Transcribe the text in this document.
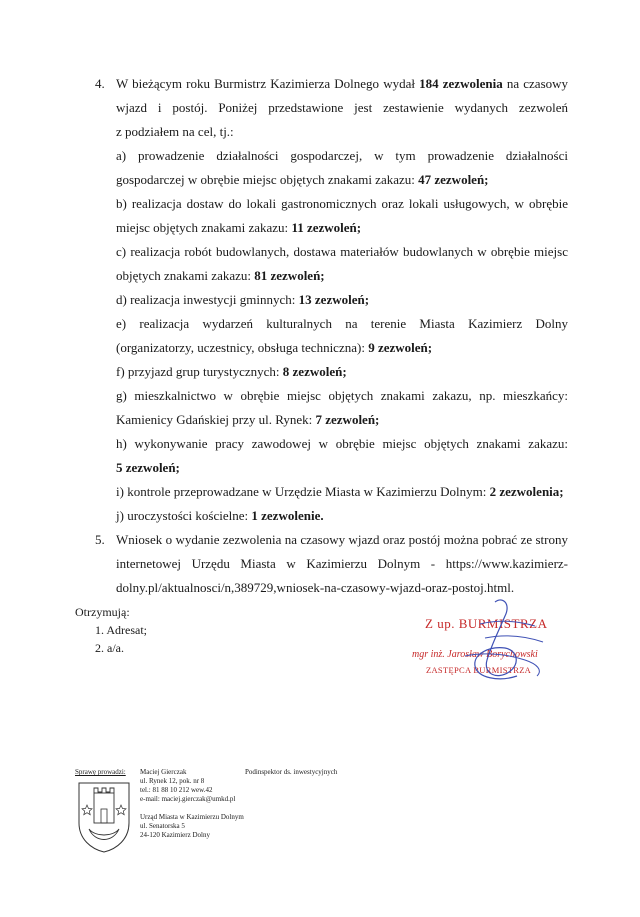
4. W bieżącym roku Burmistrz Kazimierza Dolnego wydał 184 zezwolenia na czasowy
wjazd i postój. Poniżej przedstawione jest zestawienie wydanych zezwoleń
z podziałem na cel, tj.:
a) prowadzenie działalności gospodarczej, w tym prowadzenie działalności
gospodarczej w obrębie miejsc objętych znakami zakazu: 47 zezwoleń;
b) realizacja dostaw do lokali gastronomicznych oraz lokali usługowych, w obrębie
miejsc objętych znakami zakazu: 11 zezwoleń;
c) realizacja robót budowlanych, dostawa materiałów budowlanych w obrębie miejsc
objętych znakami zakazu: 81 zezwoleń;
d) realizacja inwestycji gminnych: 13 zezwoleń;
e) realizacja wydarzeń kulturalnych na terenie Miasta Kazimierz Dolny
(organizatorzy, uczestnicy, obsługa techniczna): 9 zezwoleń;
f) przyjazd grup turystycznych: 8 zezwoleń;
g) mieszkalnictwo w obrębie miejsc objętych znakami zakazu, np. mieszkańcy:
Kamienicy Gdańskiej przy ul. Rynek: 7 zezwoleń;
h) wykonywanie pracy zawodowej w obrębie miejsc objętych znakami zakazu:
5 zezwoleń;
i) kontrole przeprowadzane w Urzędzie Miasta w Kazimierzu Dolnym: 2 zezwolenia;
j) uroczystości kościelne: 1 zezwolenie.
5. Wniosek o wydanie zezwolenia na czasowy wjazd oraz postój można pobrać ze strony
internetowej Urzędu Miasta w Kazimierzu Dolnym - https://www.kazimierz-
dolny.pl/aktualnosci/n,389729,wniosek-na-czasowy-wjazd-oraz-postoj.html.
Otrzymują:
1. Adresat;
2. a/a.
Z up. BURMISTRZA
mgr inż. Jarosław Borychowski
ZASTĘPCA BURMISTRZA
Sprawę prowadzi: Maciej Gierczak
ul. Rynek 12, pok. nr 8
tel.: 81 88 10 212 wew.42
e-mail: maciej.gierczak@umkd.pl
Podinspektor ds. inwestycyjnych
Urząd Miasta w Kazimierzu Dolnym
ul. Senatorska 5
24-120 Kazimierz Dolny
